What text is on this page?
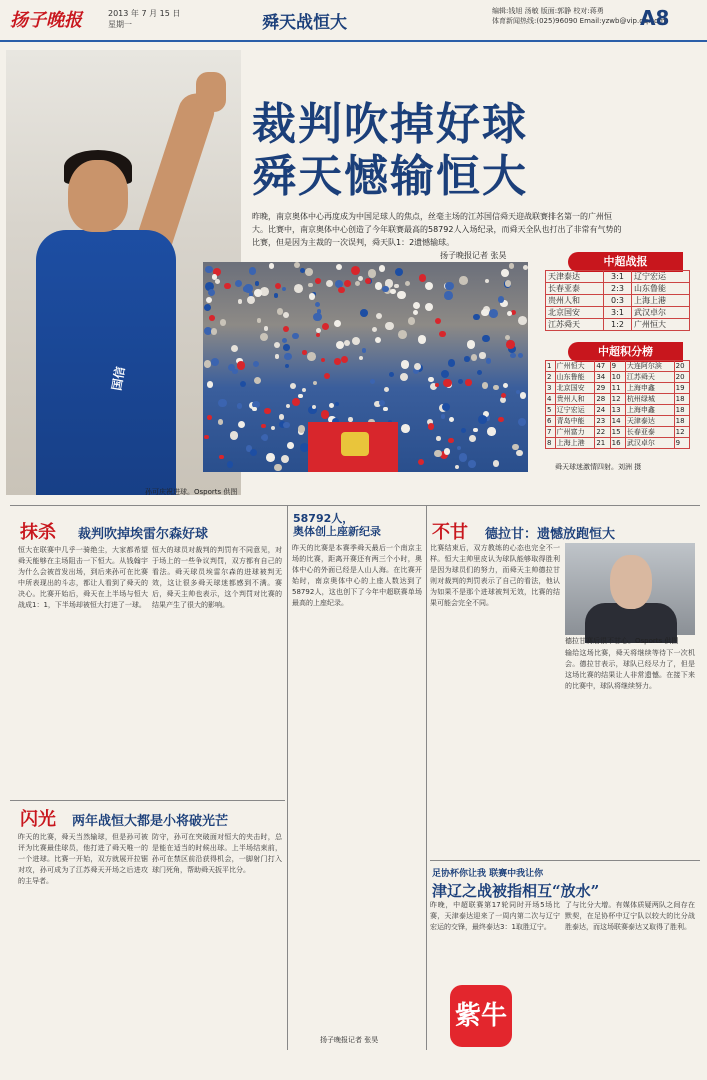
扬子晚报	2013 年 7 月 15 日
星期一	舜天战恒大
编辑:钱旭 汤敏 版面:郭静 校对:蒋勇
体育新闻热线:(025)96090 Email:yzwb@vip.qq.com
A8
国信
孙可庆祝进球。Osports 供图
裁判吹掉好球
舜天憾输恒大
昨晚，南京奥体中心再度成为中国足球人的焦点，丝毫主场的江苏国信舜天迎战联赛排名第一的广州恒大。比赛中，南京奥体中心创造了今年联赛最高的58792人入场纪录，而舜天全队也打出了非常有气势的比赛，但是因为主裁的一次误判，舜天队1：2遗憾输球。
扬子晚报记者 张昊
舜天球迷激情四射。刘洲 摄
中超战报
天津泰达	3:1	辽宁宏运
长春亚泰	2:3	山东鲁能
贵州人和	0:3	上海上港
北京国安	3:1	武汉卓尔
江苏舜天	1:2	广州恒大
中超积分榜
1	广州恒大	47	9	大连阿尔滨	20
2	山东鲁能	34	10	江苏舜天	20
3	北京国安	29	11	上海申鑫	19
4	贵州人和	28	12	杭州绿城	18
5	辽宁宏运	24	13	上海申鑫	18
6	青岛中能	23	14	天津泰达	18
7	广州富力	22	15	长春亚泰	12
8	上海上港	21	16	武汉卓尔	9
抹杀 裁判吹掉埃雷尔森好球
恒大在联赛中几乎一骑绝尘，大家都希望舜天能够在主场阻击一下恒大。从钱翰宇为什么会被首发出场，到后来孙可在比赛中所表现出的斗志，都让人看到了舜天的决心。比赛开始后，舜天在上半场与恒大战成1：1，下半场却被恒大打进了一球。
恒大的球员对裁判的判罚有不同意见，对于场上的一些争议判罚，双方都有自己的看法。舜天球员埃雷尔森的进球被判无效，这让很多舜天球迷都感到不满。赛后，舜天主帅也表示，这个判罚对比赛的结果产生了很大的影响。
闪光 两年战恒大都是小将破光芒
昨天的比赛，舜天当然输球，但是孙可被评为比赛最佳球员，他打进了舜天唯一的一个进球。比赛一开始，双方就展开拉锯对攻，孙可成为了江苏舜天开场之后进攻的主导者。
防守，孙可在突破面对恒大的夹击时，总是能在适当的时候出球。上半场结束前，孙可在禁区前沿获得机会，一脚射门打入球门死角，帮助舜天扳平比分。
58792人，
奥体创上座新纪录
昨天的比赛是本赛季舜天最后一个南京主场的比赛，距离开赛还有两三个小时，奥体中心的外面已经是人山人海。在比赛开始时，南京奥体中心的上座人数达到了58792人，这也创下了今年中超联赛单场最高的上座纪录。
扬子晚报记者 张昊
不甘 德拉甘：遗憾放跑恒大
比赛结束后，双方教练的心态也完全不一样。恒大主帅里皮认为球队能够取得胜利是因为球员们的努力，而舜天主帅德拉甘则对裁判的判罚表示了自己的看法，他认为如果不是那个进球被判无效，比赛的结果可能会完全不同。
德拉甘赛后很不甘心。Osports 供图
输给这场比赛，舜天将继续等待下一次机会。德拉甘表示，球队已经尽力了，但是这场比赛的结果让人非常遗憾。在接下来的比赛中，球队将继续努力。
足协杯你让我 联赛中我让你
津辽之战被指相互“放水”
昨晚，中超联赛第17轮同时开场5场比赛，天津泰达迎来了一周内第二次与辽宁宏运的交锋，最终泰达3：1取胜辽宁。
了与比分大增。有媒体质疑两队之间存在默契，在足协杯中辽宁队以较大的比分战胜泰达，而这场联赛泰达又取得了胜利。
紫牛
